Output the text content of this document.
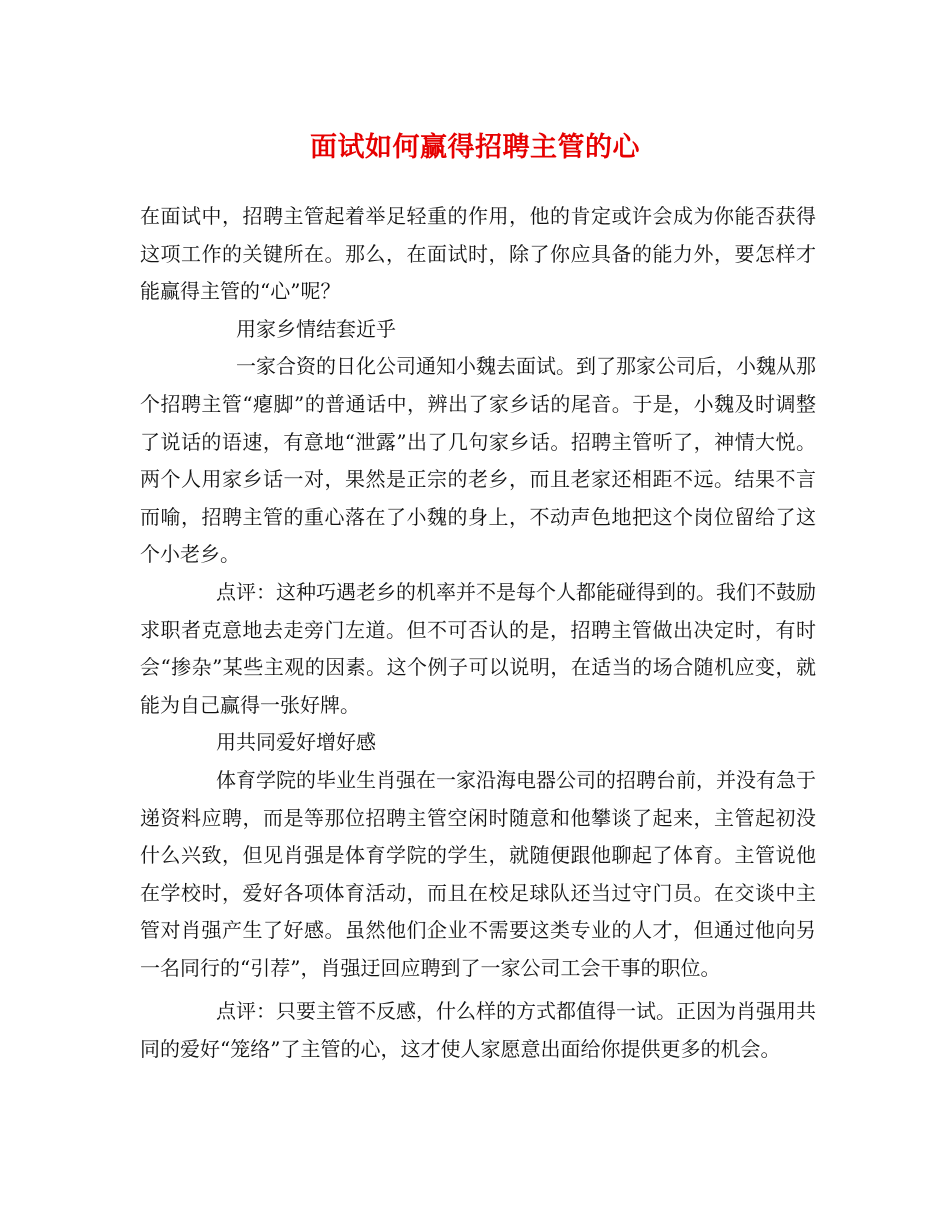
面试如何赢得招聘主管的心

在面试中，招聘主管起着举足轻重的作用，他的肯定或许会成为你能否获得这项工作的关键所在。那么，在面试时，除了你应具备的能力外，要怎样才能赢得主管的“心”呢？

用家乡情结套近乎

一家合资的日化公司通知小魏去面试。到了那家公司后，小魏从那个招聘主管“瘪脚”的普通话中，辨出了家乡话的尾音。于是，小魏及时调整了说话的语速，有意地“泄露”出了几句家乡话。招聘主管听了，神情大悦。两个人用家乡话一对，果然是正宗的老乡，而且老家还相距不远。结果不言而喻，招聘主管的重心落在了小魏的身上，不动声色地把这个岗位留给了这个小老乡。

点评：这种巧遇老乡的机率并不是每个人都能碰得到的。我们不鼓励求职者克意地去走旁门左道。但不可否认的是，招聘主管做出决定时，有时会“掺杂”某些主观的因素。这个例子可以说明，在适当的场合随机应变，就能为自己赢得一张好牌。

用共同爱好增好感

体育学院的毕业生肖强在一家沿海电器公司的招聘台前，并没有急于递资料应聘，而是等那位招聘主管空闲时随意和他攀谈了起来，主管起初没什么兴致，但见肖强是体育学院的学生，就随便跟他聊起了体育。主管说他在学校时，爱好各项体育活动，而且在校足球队还当过守门员。在交谈中主管对肖强产生了好感。虽然他们企业不需要这类专业的人才，但通过他向另一名同行的“引荐”，肖强迂回应聘到了一家公司工会干事的职位。

点评：只要主管不反感，什么样的方式都值得一试。正因为肖强用共同的爱好“笼络”了主管的心，这才使人家愿意出面给你提供更多的机会。
